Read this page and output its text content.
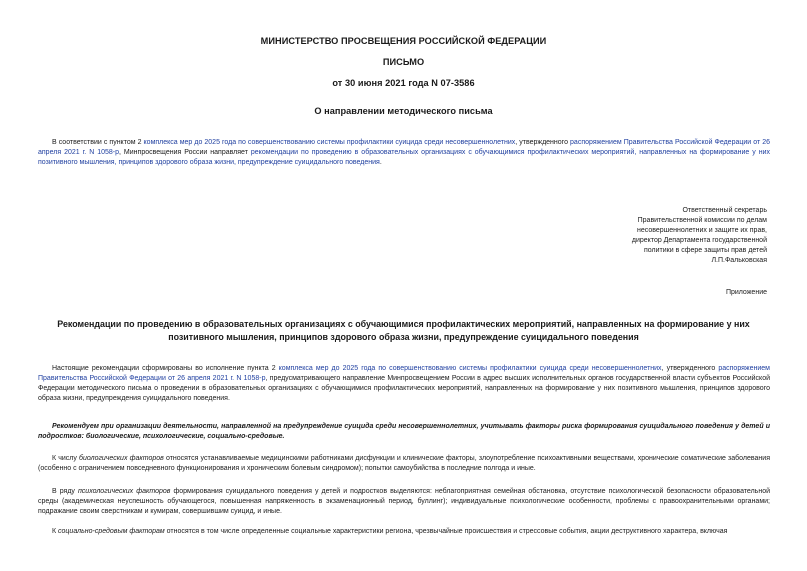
МИНИСТЕРСТВО ПРОСВЕЩЕНИЯ РОССИЙСКОЙ ФЕДЕРАЦИИ
ПИСЬМО
от 30 июня 2021 года N 07-3586
О направлении методического письма
В соответствии с пунктом 2 комплекса мер до 2025 года по совершенствованию системы профилактики суицида среди несовершеннолетних, утвержденного распоряжением Правительства Российской Федерации от 26 апреля 2021 г. N 1058-р, Минпросвещения России направляет рекомендации по проведению в образовательных организациях с обучающимися профилактических мероприятий, направленных на формирование у них позитивного мышления, принципов здорового образа жизни, предупреждение суицидального поведения.
Ответственный секретарь
Правительственной комиссии по делам
несовершеннолетних и защите их прав,
директор Департамента государственной
политики в сфере защиты прав детей
Л.П.Фальковская
Приложение
Рекомендации по проведению в образовательных организациях с обучающимися профилактических мероприятий, направленных на формирование у них позитивного мышления, принципов здорового образа жизни, предупреждение суицидального поведения
Настоящие рекомендации сформированы во исполнение пункта 2 комплекса мер до 2025 года по совершенствованию системы профилактики суицида среди несовершеннолетних, утвержденного распоряжением Правительства Российской Федерации от 26 апреля 2021 г. N 1058-р, предусматривающего направление Минпросвещением России в адрес высших исполнительных органов государственной власти субъектов Российской Федерации методического письма о проведении в образовательных организациях с обучающимися профилактических мероприятий, направленных на формирование у них позитивного мышления, принципов здорового образа жизни, предупреждения суицидального поведения.
Рекомендуем при организации деятельности, направленной на предупреждение суицида среди несовершеннолетних, учитывать факторы риска формирования суицидального поведения у детей и подростков: биологические, психологические, социально-средовые.
К числу биологических факторов относятся устанавливаемые медицинскими работниками дисфункции и клинические факторы, злоупотребление психоактивными веществами, хронические соматические заболевания (особенно с ограничением повседневного функционирования и хроническим болевым синдромом); попытки самоубийства в последние полгода и иные.
В ряду психологических факторов формирования суицидального поведения у детей и подростков выделяются: неблагоприятная семейная обстановка, отсутствие психологической безопасности образовательной среды (академическая неуспешность обучающегося, повышенная напряженность в экзаменационный период, буллинг); индивидуальные психологические особенности, проблемы с правоохранительными органами; подражание своим сверстникам и кумирам, совершившим суицид, и иные.
К социально-средовым факторам относятся в том числе определенные социальные характеристики региона, чрезвычайные происшествия и стрессовые события, акции деструктивного характера, включая
